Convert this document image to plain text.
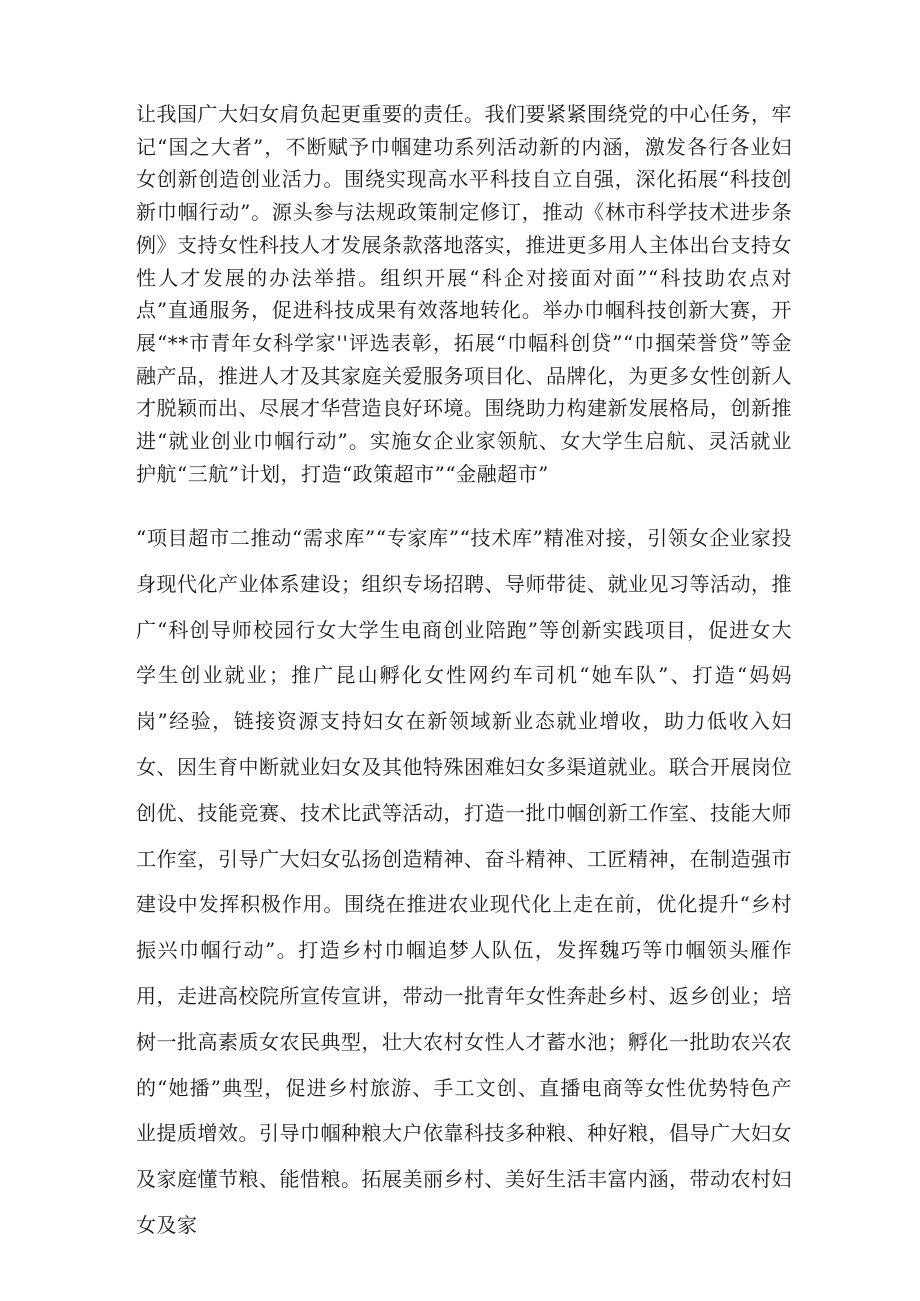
让我国广大妇女肩负起更重要的责任。我们要紧紧围绕党的中心任务，牢记“国之大者”，不断赋予巾帼建功系列活动新的内涵，激发各行各业妇女创新创造创业活力。围绕实现高水平科技自立自强，深化拓展“科技创新巾帼行动”。源头参与法规政策制定修订，推动《林市科学技术进步条例》支持女性科技人才发展条款落地落实，推进更多用人主体出台支持女性人才发展的办法举措。组织开展“科企对接面对面”“科技助农点对点”直通服务，促进科技成果有效落地转化。举办巾帼科技创新大赛，开展“**市青年女科学家''评选表彰，拓展“巾幅科创贷”“巾掴荣誉贷”等金融产品，推进人才及其家庭关爱服务项目化、品牌化，为更多女性创新人才脱颖而出、尽展才华营造良好环境。围绕助力构建新发展格局，创新推进“就业创业巾帼行动”。实施女企业家领航、女大学生启航、灵活就业护航“三航”计划，打造“政策超市”“金融超市”

“项目超市二推动“需求库”“专家库”“技术库”精准对接，引领女企业家投身现代化产业体系建设；组织专场招聘、导师带徒、就业见习等活动，推广“科创导师校园行女大学生电商创业陪跑”等创新实践项目，促进女大学生创业就业；推广昆山孵化女性网约车司机“她车队”、打造“妈妈岗”经验，链接资源支持妇女在新领域新业态就业增收，助力低收入妇女、因生育中断就业妇女及其他特殊困难妇女多渠道就业。联合开展岗位创优、技能竞赛、技术比武等活动，打造一批巾帼创新工作室、技能大师工作室，引导广大妇女弘扬创造精神、奋斗精神、工匠精神，在制造强市建设中发挥积极作用。围绕在推进农业现代化上走在前，优化提升“乡村振兴巾帼行动”。打造乡村巾帼追梦人队伍，发挥魏巧等巾帼领头雁作用，走进高校院所宣传宣讲，带动一批青年女性奔赴乡村、返乡创业；培树一批高素质女农民典型，壮大农村女性人才蓄水池；孵化一批助农兴农的“她播”典型，促进乡村旅游、手工文创、直播电商等女性优势特色产业提质增效。引导巾帼种粮大户依靠科技多种粮、种好粮，倡导广大妇女及家庭懂节粮、能惜粮。拓展美丽乡村、美好生活丰富内涵，带动农村妇女及家
